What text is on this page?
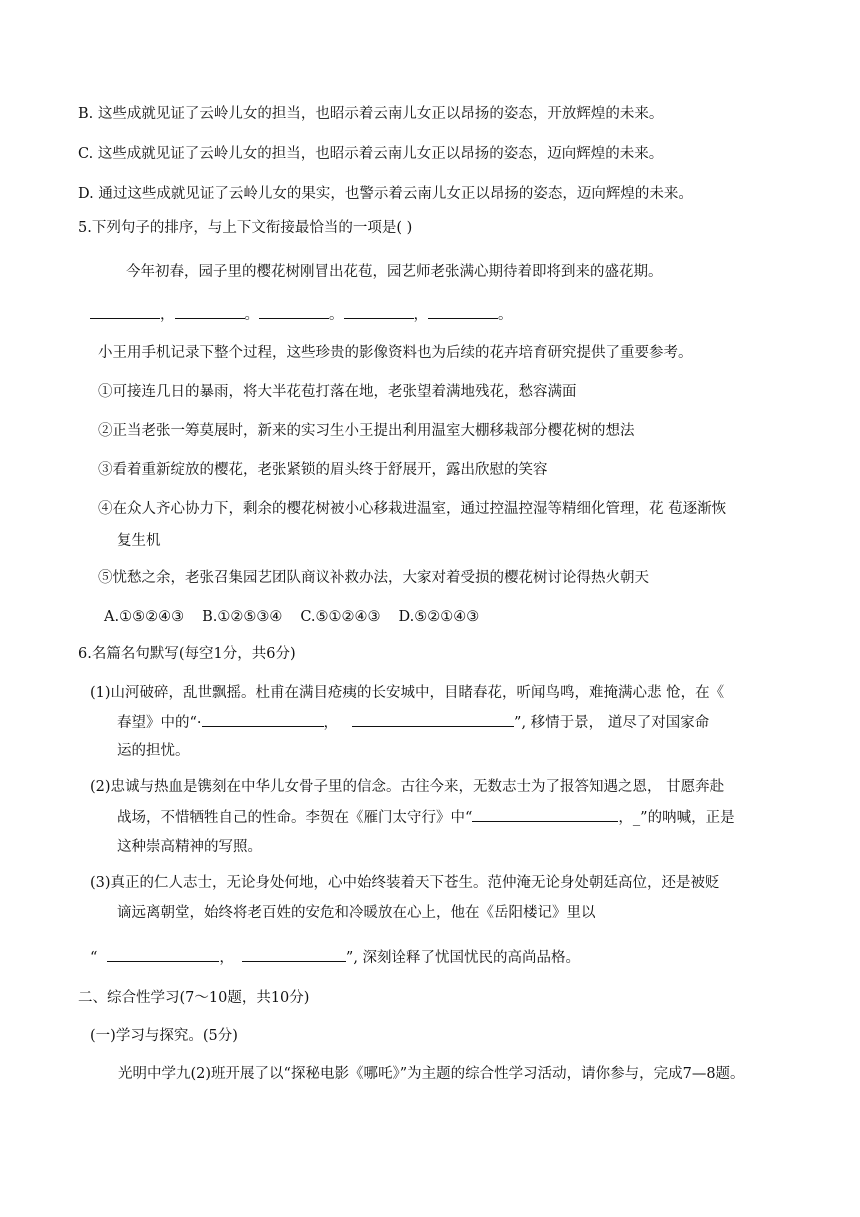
B. 这些成就见证了云岭儿女的担当，也昭示着云南儿女正以昂扬的姿态，开放辉煌的未来。
C. 这些成就见证了云岭儿女的担当，也昭示着云南儿女正以昂扬的姿态，迈向辉煌的未来。
D. 通过这些成就见证了云岭儿女的果实，也警示着云南儿女正以昂扬的姿态，迈向辉煌的未来。
5.下列句子的排序，与上下文衔接最恰当的一项是( )
今年初春，园子里的樱花树刚冒出花苞，园艺师老张满心期待着即将到来的盛花期。
，	。	。	，	。
小王用手机记录下整个过程，这些珍贵的影像资料也为后续的花卉培育研究提供了重要参考。
①可接连几日的暴雨，将大半花苞打落在地，老张望着满地残花，愁容满面
②正当老张一筹莫展时，新来的实习生小王提出利用温室大棚移栽部分樱花树的想法
③看着重新绽放的樱花，老张紧锁的眉头终于舒展开，露出欣慰的笑容
④在众人齐心协力下，剩余的樱花树被小心移栽进温室，通过控温控湿等精细化管理，花 苞逐渐恢
复生机
⑤忧愁之余，老张召集园艺团队商议补救办法，大家对着受损的樱花树讨论得热火朝天
A.①⑤②④③ B.①②⑤③④ C.⑤①②④③ D.⑤②①④③
6.名篇名句默写(每空1分，共6分)
(1)山河破碎，乱世飘摇。杜甫在满目疮痍的长安城中，目睹春花，听闻鸟鸣，难掩满心悲 怆，在《
春望》中的“·	，	”, 移情于景， 道尽了对国家命
运的担忧。
(2)忠诚与热血是镌刻在中华儿女骨子里的信念。古往今来，无数志士为了报答知遇之恩， 甘愿奔赴
战场，不惜牺牲自己的性命。李贺在《雁门太守行》中“	，_”的呐喊，正是
这种崇高精神的写照。
(3)真正的仁人志士，无论身处何地，心中始终装着天下苍生。范仲淹无论身处朝廷高位，还是被贬
谪远离朝堂，始终将老百姓的安危和冷暖放在心上，他在《岳阳楼记》里以
“	，	”, 深刻诠释了忧国忧民的高尚品格。
二、综合性学习(7～10题，共10分)
(一)学习与探究。(5分)
光明中学九(2)班开展了以“探秘电影《哪吒》”为主题的综合性学习活动，请你参与，完成7—8题。
